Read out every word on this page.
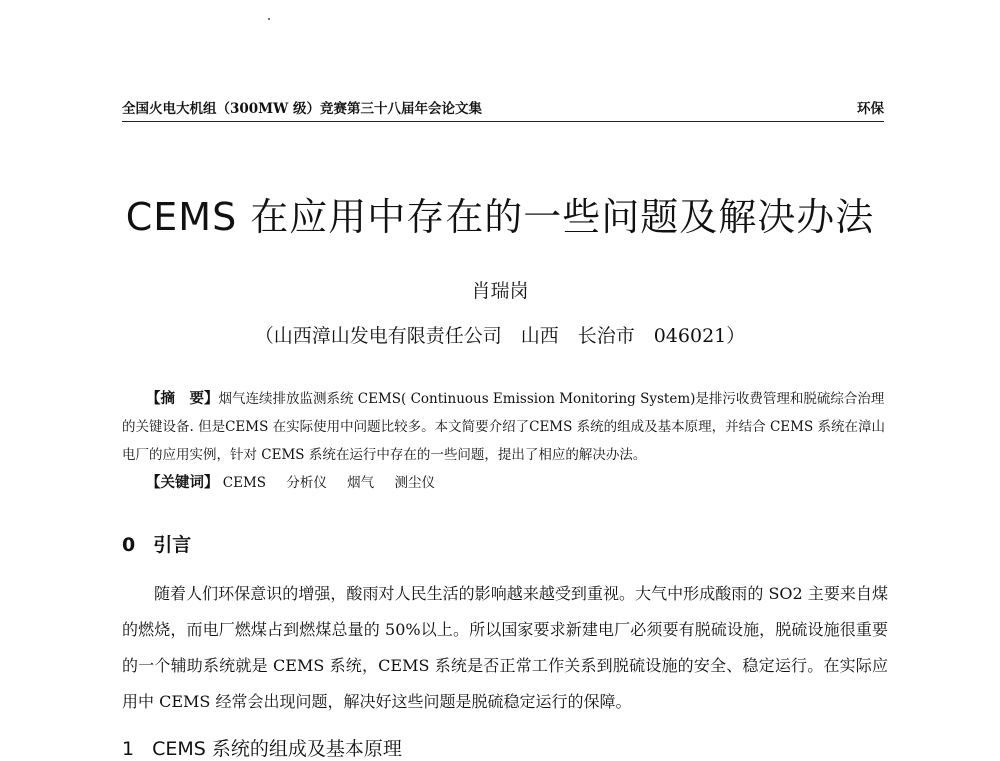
全国火电大机组（300MW 级）竞赛第三十八届年会论文集	环保
CEMS 在应用中存在的一些问题及解决办法

肖瑞岗

（山西漳山发电有限责任公司　山西　长治市　046021）

【摘　要】烟气连续排放监测系统 CEMS( Continuous Emission Monitoring System)是排污收费管理和脱硫综合治理的关键设备. 但是CEMS 在实际使用中问题比较多。本文简要介绍了CEMS 系统的组成及基本原理，并结合 CEMS 系统在漳山电厂的应用实例，针对 CEMS 系统在运行中存在的一些问题，提出了相应的解决办法。

【关键词】 CEMS 分析仪 烟气 测尘仪

0 引言

随着人们环保意识的增强，酸雨对人民生活的影响越来越受到重视。大气中形成酸雨的 SO2 主要来自煤的燃烧，而电厂燃煤占到燃煤总量的 50%以上。所以国家要求新建电厂必须要有脱硫设施，脱硫设施很重要的一个辅助系统就是 CEMS 系统，CEMS 系统是否正常工作关系到脱硫设施的安全、稳定运行。在实际应用中 CEMS 经常会出现问题，解决好这些问题是脱硫稳定运行的保障。

1 CEMS 系统的组成及基本原理
